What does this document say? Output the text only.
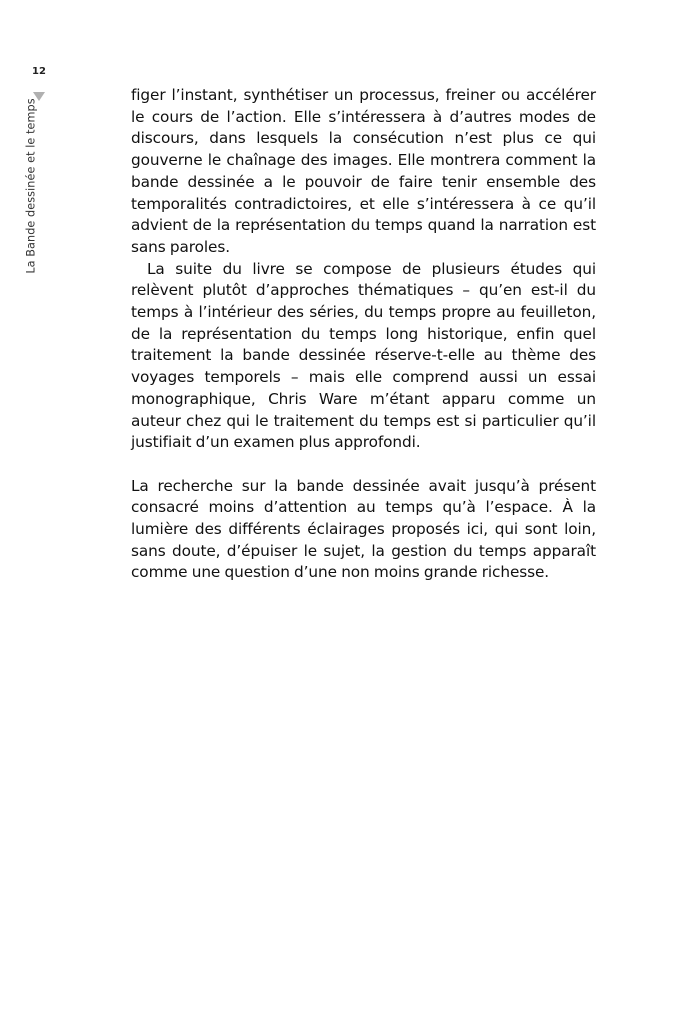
12
La Bande dessinée et le temps

figer l’instant, synthétiser un processus, freiner ou accélérer le cours de l’action. Elle s’intéressera à d’autres modes de discours, dans lesquels la consécution n’est plus ce qui gouverne le chaînage des images. Elle montrera comment la bande dessinée a le pouvoir de faire tenir ensemble des temporalités contradictoires, et elle s’intéressera à ce qu’il advient de la représentation du temps quand la narration est sans paroles.

La suite du livre se compose de plusieurs études qui relèvent plutôt d’approches thématiques – qu’en est-il du temps à l’intérieur des séries, du temps propre au feuilleton, de la représentation du temps long historique, enfin quel traitement la bande dessinée réserve-t-elle au thème des voyages temporels – mais elle comprend aussi un essai monographique, Chris Ware m’étant apparu comme un auteur chez qui le traitement du temps est si particulier qu’il justifiait d’un examen plus approfondi.

La recherche sur la bande dessinée avait jusqu’à présent consacré moins d’attention au temps qu’à l’espace. À la lumière des différents éclairages proposés ici, qui sont loin, sans doute, d’épuiser le sujet, la gestion du temps apparaît comme une question d’une non moins grande richesse.
